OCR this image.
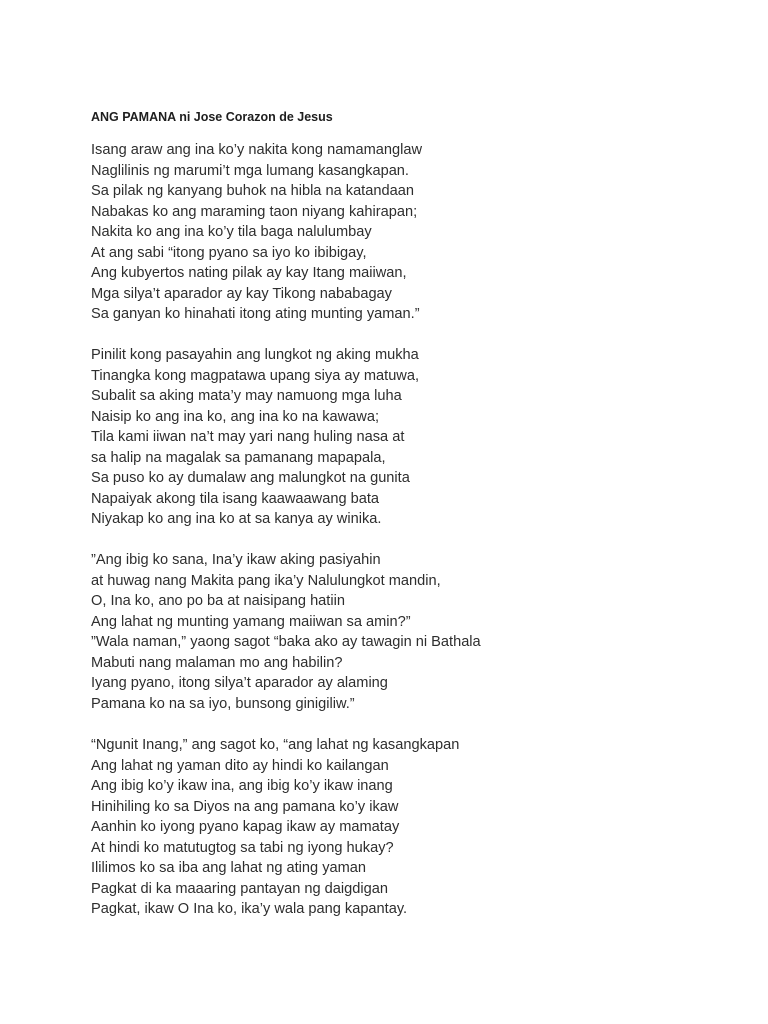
ANG PAMANA ni Jose Corazon de Jesus
Isang araw ang ina ko’y nakita kong namamanglaw
Naglilinis ng marumi’t mga lumang kasangkapan.
Sa pilak ng kanyang buhok na hibla na katandaan
Nabakas ko ang maraming taon niyang kahirapan;
Nakita ko ang ina ko’y tila baga nalulumbay
At ang sabi “itong pyano sa iyo ko ibibigay,
Ang kubyertos nating pilak ay kay Itang maiiwan,
Mga silya’t aparador ay kay Tikong nababagay
Sa ganyan ko hinahati itong ating munting yaman.”
Pinilit kong pasayahin ang lungkot ng aking mukha
Tinangka kong magpatawa upang siya ay matuwa,
Subalit sa aking mata’y may namuong mga luha
Naisip ko ang ina ko, ang ina ko na kawawa;
Tila kami iiwan na’t may yari nang huling nasa at
sa halip na magalak sa pamanang mapapala,
Sa puso ko ay dumalaw ang malungkot na gunita
Napaiyak akong tila isang kaawaawang bata
Niyakap ko ang ina ko at sa kanya ay winika.
”Ang ibig ko sana, Ina’y ikaw aking pasiyahin
at huwag nang Makita pang ika’y Nalulungkot mandin,
O, Ina ko, ano po ba at naisipang hatiin
Ang lahat ng munting yamang maiiwan sa amin?”
”Wala naman,” yaong sagot “baka ako ay tawagin ni Bathala
Mabuti nang malaman mo ang habilin?
Iyang pyano, itong silya’t aparador ay alaming
Pamana ko na sa iyo, bunsong ginigiliw.”
“Ngunit Inang,” ang sagot ko, “ang lahat ng kasangkapan
Ang lahat ng yaman dito ay hindi ko kailangan
Ang ibig ko’y ikaw ina, ang ibig ko’y ikaw inang
Hinihiling ko sa Diyos na ang pamana ko’y ikaw
Aanhin ko iyong pyano kapag ikaw ay mamatay
At hindi ko matutugtog sa tabi ng iyong hukay?
Ililimos ko sa iba ang lahat ng ating yaman
Pagkat di ka maaaring pantayan ng daigdigan
Pagkat, ikaw O Ina ko, ika’y wala pang kapantay.
